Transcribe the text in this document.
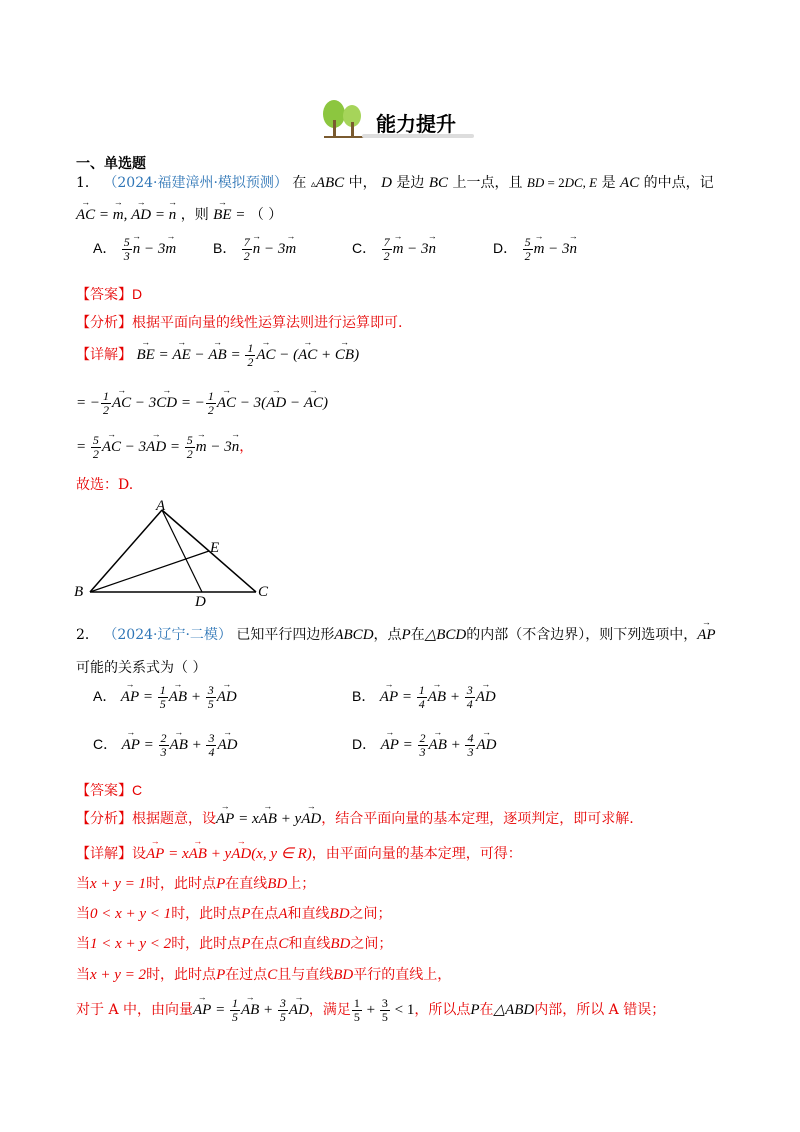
能力提升
一、单选题
1． （2024·福建漳州·模拟预测） 在 ▵ABC 中， D 是边 BC 上一点，且 BD = 2DC, E 是 AC 的中点，记
→ AC = → m, → AD = → n ，则 → BE = （ ）
A． $\frac{5}{3} \to n - 3\to m$	B． $\frac{7}{2} \to n - 3\to m$	C． $\frac{7}{2} \to m - 3\to n$	D． $\frac{5}{2} \to m - 3\to n$
【答案】D
【分析】根据平面向量的线性运算法则进行运算即可.
【详解】 → BE = → AE − → AB = $\frac{1}{2}$ → AC − (→ AC + → CB)
= − $\frac{1}{2}$ → AC − 3→ CD = − $\frac{1}{2}$ → AC − 3(→ AD − → AC)
= $\frac{5}{2}$ → AC − 3→ AD = $\frac{5}{2} \to m - 3\to n$，
故选：D.
A
E
B
D
C
2． （2024·辽宁·二模） 已知平行四边形ABCD，点P在△BCD的内部（不含边界），则下列选项中，→ AP
可能的关系式为（ ）
A． → AP = $\frac{1}{5}$ → AB + $\frac{3}{5}$ → AD	B． → AP = $\frac{1}{4}$ → AB + $\frac{3}{4}$ → AD
C． → AP = $\frac{2}{3}$ → AB + $\frac{3}{4}$ → AD	D． → AP = $\frac{2}{3}$ → AB + $\frac{4}{3}$ → AD
【答案】C
【分析】根据题意，设→ AP = x→ AB + y→ AD，结合平面向量的基本定理，逐项判定，即可求解.
【详解】设→ AP = x→ AB + y→ AD(x, y ∈ R)，由平面向量的基本定理，可得：
当x + y = 1时，此时点P在直线BD上；
当0 < x + y < 1时，此时点P在点A和直线BD之间；
当1 < x + y < 2时，此时点P在点C和直线BD之间；
当x + y = 2时，此时点P在过点C且与直线BD平行的直线上，
对于 A 中，由向量→ AP = $\frac{1}{5}$ → AB + $\frac{3}{5}$ → AD，满足 $\frac{1}{5} + \frac{3}{5} < 1$，所以点P在△ABD内部，所以 A 错误；
